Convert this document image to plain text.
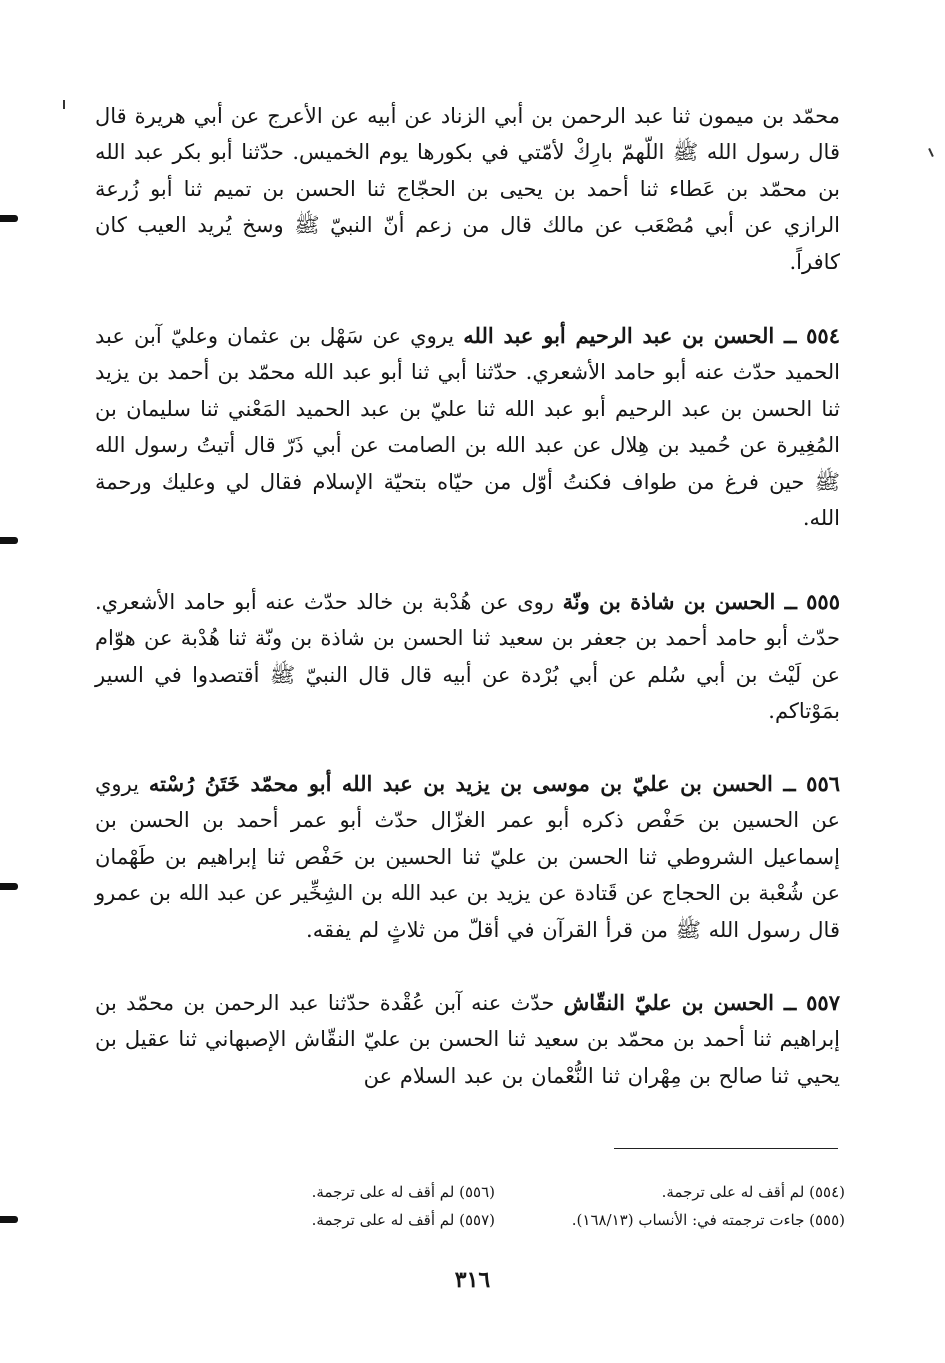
محمّد بن ميمون ثنا عبد الرحمن بن أبي الزناد عن أبيه عن الأعرج عن أبي هريرة قال قال رسول الله ﷺ اللّهمّ بارِكْ لأمّتي في بكورها يوم الخميس. حدّثنا أبو بكر عبد الله بن محمّد بن عَطاء ثنا أحمد بن يحيى بن الحجّاج ثنا الحسن بن تميم ثنا أبو زُرعة الرازي عن أبي مُصْعَب عن مالك قال من زعم أنّ النبيّ ﷺ وسخ يُريد العيب كان كافراً.

٥٥٤ ــ الحسن بن عبد الرحيم أبو عبد الله يروي عن سَهْل بن عثمان وعليّ آبن عبد الحميد حدّث عنه أبو حامد الأشعري. حدّثنا أبي ثنا أبو عبد الله محمّد بن أحمد بن يزيد ثنا الحسن بن عبد الرحيم أبو عبد الله ثنا عليّ بن عبد الحميد المَعْني ثنا سليمان بن المُغِيرة عن حُميد بن هِلال عن عبد الله بن الصامت عن أبي ذَرّ قال أتيتُ رسول الله ﷺ حين فرغ من طواف فكنتُ أوّل من حيّاه بتحيّة الإسلام فقال لي وعليك ورحمة الله.

٥٥٥ ــ الحسن بن شاذة بن ونّة روى عن هُدْبة بن خالد حدّث عنه أبو حامد الأشعري. حدّث أبو حامد أحمد بن جعفر بن سعيد ثنا الحسن بن شاذة بن ونّة ثنا هُدْبة عن هوّام عن لَيْث بن أبي سُلم عن أبي بُرْدة عن أبيه قال قال النبيّ ﷺ أقتصدوا في السير بمَوْتاكم.

٥٥٦ ــ الحسن بن عليّ بن موسى بن يزيد بن عبد الله أبو محمّد خَتَنُ رُسْته يروي عن الحسين بن حَفْص ذكره أبو عمر الغزّال حدّث أبو عمر أحمد بن الحسن بن إسماعيل الشروطي ثنا الحسن بن عليّ ثنا الحسين بن حَفْص ثنا إبراهيم بن طَهْمان عن شُعْبة بن الحجاج عن قَتادة عن يزيد بن عبد الله بن الشِخِّير عن عبد الله بن عمرو قال رسول الله ﷺ من قرأ القرآن في أقلّ من ثلاثٍ لم يفقه.

٥٥٧ ــ الحسن بن عليّ النقّاش حدّث عنه آبن عُقْدة حدّثنا عبد الرحمن بن محمّد بن إبراهيم ثنا أحمد بن محمّد بن سعيد ثنا الحسن بن عليّ النقّاش الإصبهاني ثنا عقيل بن يحيي ثنا صالح بن مِهْران ثنا النُّعْمان بن عبد السلام عن

(٥٥٤) لم أقف له على ترجمة.
(٥٥٥) جاءت ترجمته في: الأنساب (١٦٨/١٣).
(٥٥٦) لم أقف له على ترجمة.
(٥٥٧) لم أقف له على ترجمة.
٣١٦
